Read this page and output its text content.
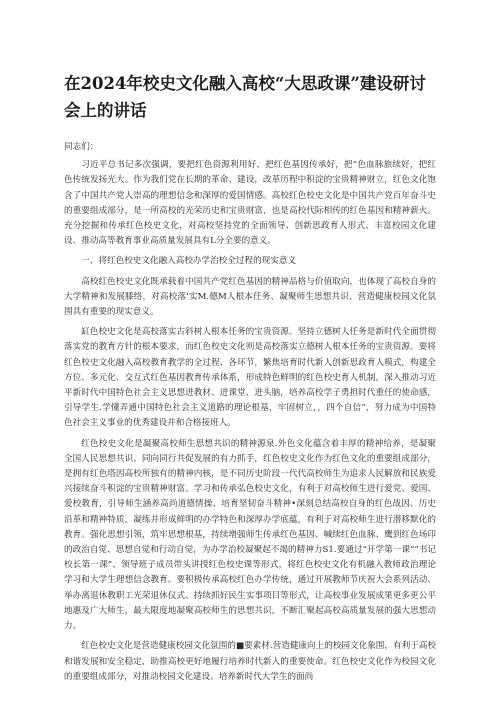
在2024年校史文化融入高校“大思政课”建设研讨会上的讲话

同志们：

习近平总书记多次强调，要把红色资源利用好、把红色基因传承好，把“色血脉旅续好，把红色传统发扬光大。作为我们党在长期的革命、建设，改革历程中积淀的宝贵精神财立，红色文化饱含了中国共产党人崇高的理想信念和深厚的爱国情感。高校红色校史文化是中国共产党百年奋斗史的重要组成部分，是一所高校的光荣历史和宝贵财富，也是高校代际相传的红色基因和精神薪火。充分挖掘和传承红色校史文化，对高校坚持党的全面领导、创新思政育人形式、丰富校园文化建设、推动高等教育事业高质量发展具有L分全要的意义。

一、将红色校史文化融入高校办学治校全过程的现实意义

高校红色校史文化既承载着中国共产党红色基因的精神品格与价值取向，也体现了高校自身的大学精神和发展膝络，对高校落’实M.德M人根本任务、凝聚师生思想共识、营造健康校园文化氛围具有重要的现实意义。

缸色校史文化是高校落实古斜树人根本任务的宝贵资源。坚持立德树人任务是新时代全面贯彻落实党的教育方针的根本要求，而红色校史文化则是高校落实立德树人根本任务的宝贵资源。要将红色校史文化融入高校教育教学的全过程、各环节，繁焦培育时代新人创新思政育人模式，构建全方位、多元化、交互式红色基因教育传承体系，形成特色鲜明的红色校史育人机制，深入推动习近平新时代中国特色社会主义思想进教材、进课堂、进头脑，培养高校学子勇担时代重任的使命感，引导学生.学懂弄通中国特色社会主义道路的理论根基，牢固树立，，四个自信”，努力成为中国特色社会主义事业的优秀建设并和合格接班人。

红色校史文化是凝聚高校师生思想共识的精神源泉.外色文化蕴含着丰厚的精神给养，是凝聚全国人民思想共识、同向同行共促发展的有力抓手，红色校史文化作为红色文化的重要组成部分，是拥有红色塔因高校所独有的精神内核，是不同历史阶段一代代高校师生为追求人民解放和民族爱兴接续奋斗积淀的宝贵精神财富。学习和传承弘色校史文化，有利于对高校师生进行爱党、爱国、爱校教育，引导师生涵养高尚道德情操、培育坚韧奋斗精神•深刻总结高校自身的红色战因、历史沿革和精神特质，凝练并形成鲜明的办学特色和深厚办学底蕴，有利于对高校师生进行潜移默化的教育。强化思想引领，筑牢思想根基，持续增强师生传承红色基因、喊续红色血脉、鹰到红色场印的政治自觉、思想自觉和行动自觉，为办学治校凝聚起不竭的精神力S1.要通过“开学第一课”“书记校长第一课”、领导班子成员带头讲授红色校史课等形式，将红色校史文化有机融入教师政治理论学习和大学生理想信念教育。要积极传承高校红色办学传统，通过开展教师节庆祝大会系列活动、举办离退休教职工光荣退休仪式、持续抓好民生实事项目等形式，让高校事业发展成果更多更公平地惠及广大师生，最大限度地凝聚高校师生的思想共识，不断汇聚起高校高质量发展的强大思想动力。

红色校史文化是营造健康校园文化氛围的■要素材.营造健康向上的校园文化象围，有利于高校和谐发展和安全稳定，助推高校更好地履行培养时代新人的重要使命。红色校史文化作为校园文化的重要组成部分，对推动校园文化建设、培养新时代大学生的面尚
